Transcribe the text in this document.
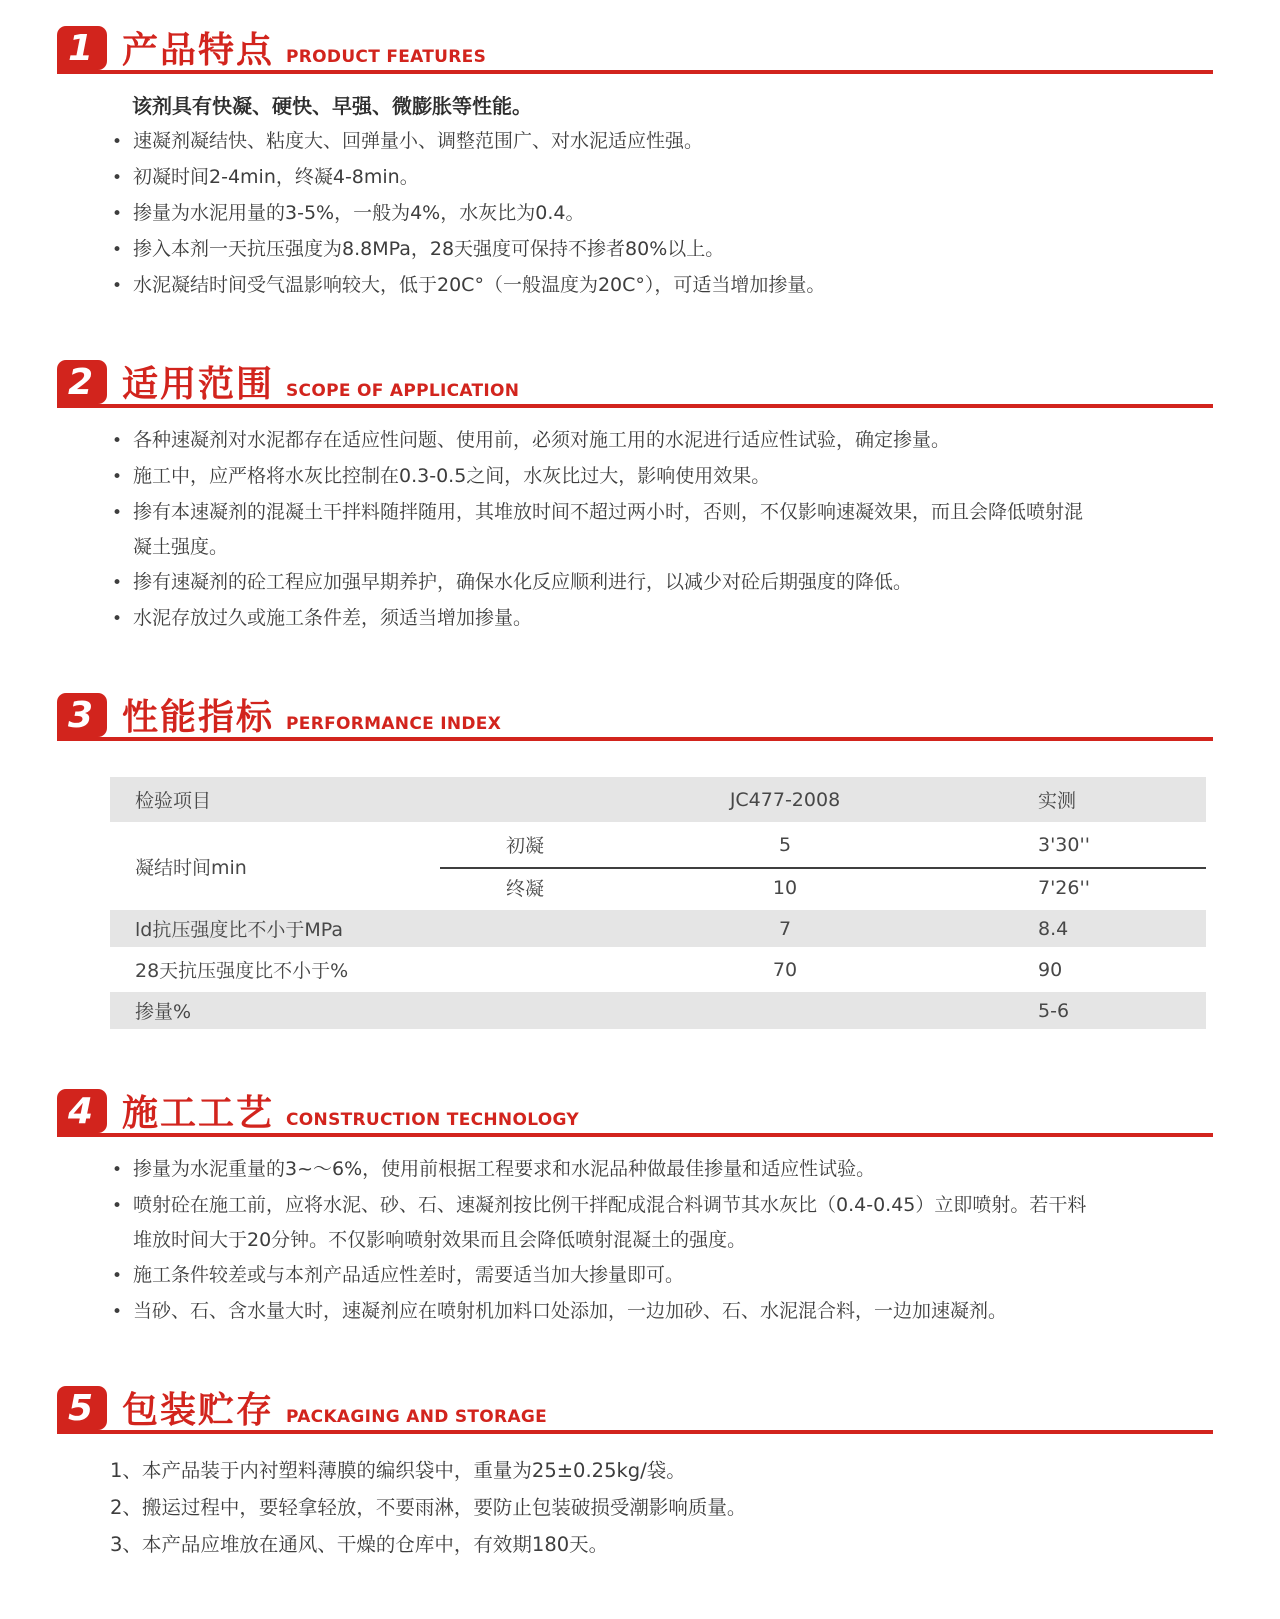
1 产品特点 PRODUCT FEATURES

该剂具有快凝、硬快、早强、微膨胀等性能。

•
速凝剂凝结快、粘度大、回弹量小、调整范围广、对水泥适应性强。
•
初凝时间2-4min，终凝4-8min。
•
掺量为水泥用量的3-5%，一般为4%，水灰比为0.4。
•
掺入本剂一天抗压强度为8.8MPa，28天强度可保持不掺者80%以上。
•
水泥凝结时间受气温影响较大，低于20C°（一般温度为20C°），可适当增加掺量。
2 适用范围 SCOPE OF APPLICATION
•
各种速凝剂对水泥都存在适应性问题、使用前，必须对施工用的水泥进行适应性试验，确定掺量。
•
施工中，应严格将水灰比控制在0.3-0.5之间，水灰比过大，影响使用效果。
•
掺有本速凝剂的混凝土干拌料随拌随用，其堆放时间不超过两小时，否则，不仅影响速凝效果，而且会降低喷射混凝土强度。
•
掺有速凝剂的砼工程应加强早期养护，确保水化反应顺利进行，以减少对砼后期强度的降低。
•
水泥存放过久或施工条件差，须适当增加掺量。
3 性能指标 PERFORMANCE INDEX
检验项目		JC477-2008	实测
凝结时间min	初凝	5	3'30''
	终凝	10	7'26''
ld抗压强度比不小于MPa		7	8.4
28天抗压强度比不小于%		70	90
掺量%			5-6
4 施工工艺 CONSTRUCTION TECHNOLOGY
•
掺量为水泥重量的3~～6%，使用前根据工程要求和水泥品种做最佳掺量和适应性试验。
•
喷射砼在施工前，应将水泥、砂、石、速凝剂按比例干拌配成混合料调节其水灰比（0.4-0.45）立即喷射。若干料堆放时间大于20分钟。不仅影响喷射效果而且会降低喷射混凝土的强度。
•
施工条件较差或与本剂产品适应性差时，需要适当加大掺量即可。
•
当砂、石、含水量大时，速凝剂应在喷射机加料口处添加，一边加砂、石、水泥混合料，一边加速凝剂。
5 包装贮存 PACKAGING AND STORAGE

1、本产品装于内衬塑料薄膜的编织袋中，重量为25±0.25kg/袋。

2、搬运过程中，要轻拿轻放，不要雨淋，要防止包装破损受潮影响质量。

3、本产品应堆放在通风、干燥的仓库中，有效期180天。
